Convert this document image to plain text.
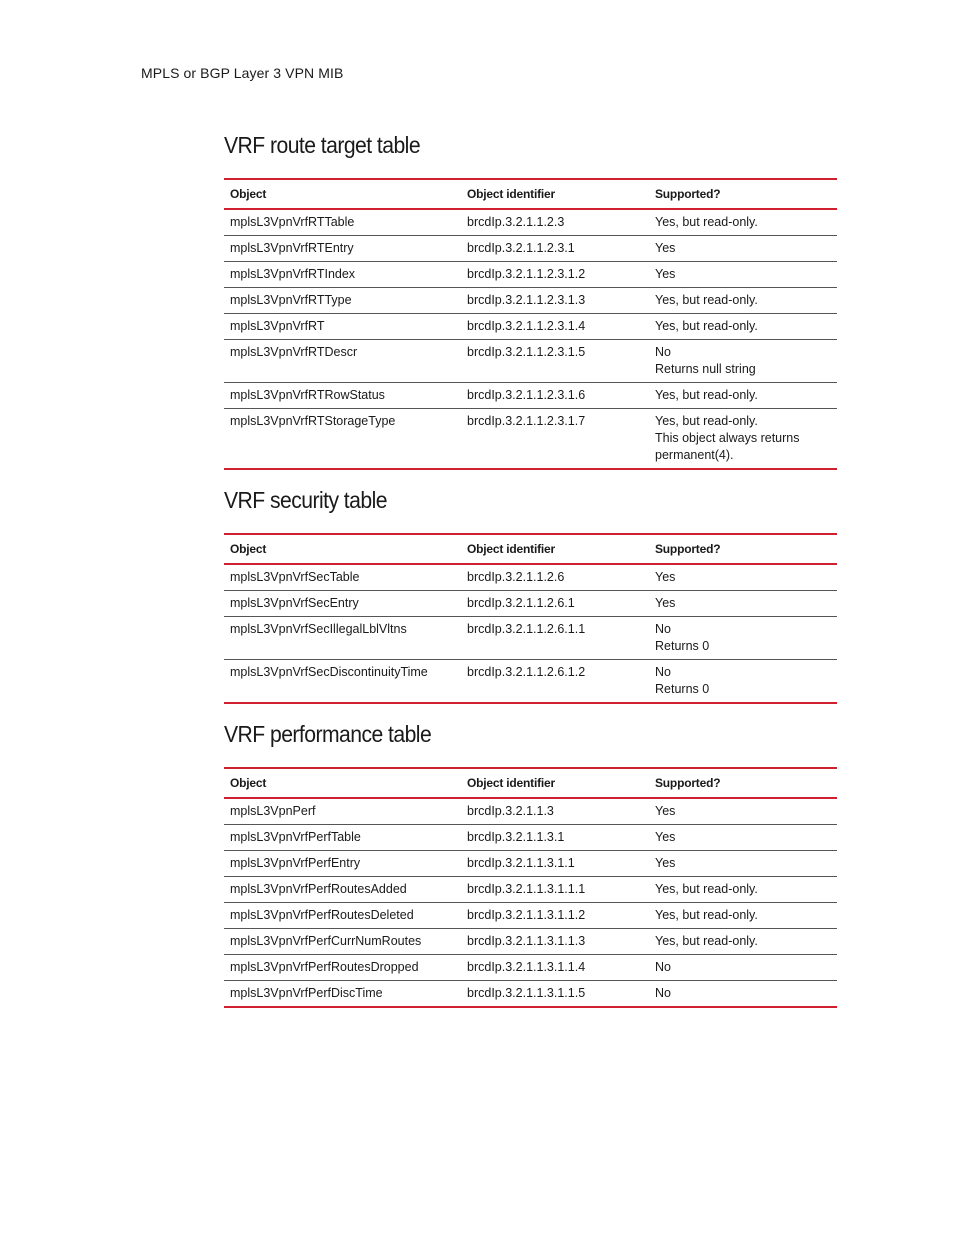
MPLS or BGP Layer 3 VPN MIB
VRF route target table
Object	Object identifier	Supported?
mplsL3VpnVrfRTTable	brcdIp.3.2.1.1.2.3	Yes, but read-only.

mplsL3VpnVrfRTEntry	brcdIp.3.2.1.1.2.3.1	Yes

mplsL3VpnVrfRTIndex	brcdIp.3.2.1.1.2.3.1.2	Yes

mplsL3VpnVrfRTType	brcdIp.3.2.1.1.2.3.1.3	Yes, but read-only.

mplsL3VpnVrfRT	brcdIp.3.2.1.1.2.3.1.4	Yes, but read-only.

mplsL3VpnVrfRTDescr	brcdIp.3.2.1.1.2.3.1.5	No
Returns null string

mplsL3VpnVrfRTRowStatus	brcdIp.3.2.1.1.2.3.1.6	Yes, but read-only.

mplsL3VpnVrfRTStorageType	brcdIp.3.2.1.1.2.3.1.7	Yes, but read-only.
This object always returns permanent(4).
VRF security table
Object	Object identifier	Supported?
mplsL3VpnVrfSecTable	brcdIp.3.2.1.1.2.6	Yes

mplsL3VpnVrfSecEntry	brcdIp.3.2.1.1.2.6.1	Yes

mplsL3VpnVrfSecIllegalLblVltns	brcdIp.3.2.1.1.2.6.1.1	No
Returns 0

mplsL3VpnVrfSecDiscontinuityTime	brcdIp.3.2.1.1.2.6.1.2	No
Returns 0
VRF performance table
Object	Object identifier	Supported?
mplsL3VpnPerf	brcdIp.3.2.1.1.3	Yes

mplsL3VpnVrfPerfTable	brcdIp.3.2.1.1.3.1	Yes

mplsL3VpnVrfPerfEntry	brcdIp.3.2.1.1.3.1.1	Yes

mplsL3VpnVrfPerfRoutesAdded	brcdIp.3.2.1.1.3.1.1.1	Yes, but read-only.

mplsL3VpnVrfPerfRoutesDeleted	brcdIp.3.2.1.1.3.1.1.2	Yes, but read-only.

mplsL3VpnVrfPerfCurrNumRoutes	brcdIp.3.2.1.1.3.1.1.3	Yes, but read-only.

mplsL3VpnVrfPerfRoutesDropped	brcdIp.3.2.1.1.3.1.1.4	No

mplsL3VpnVrfPerfDiscTime	brcdIp.3.2.1.1.3.1.1.5	No
